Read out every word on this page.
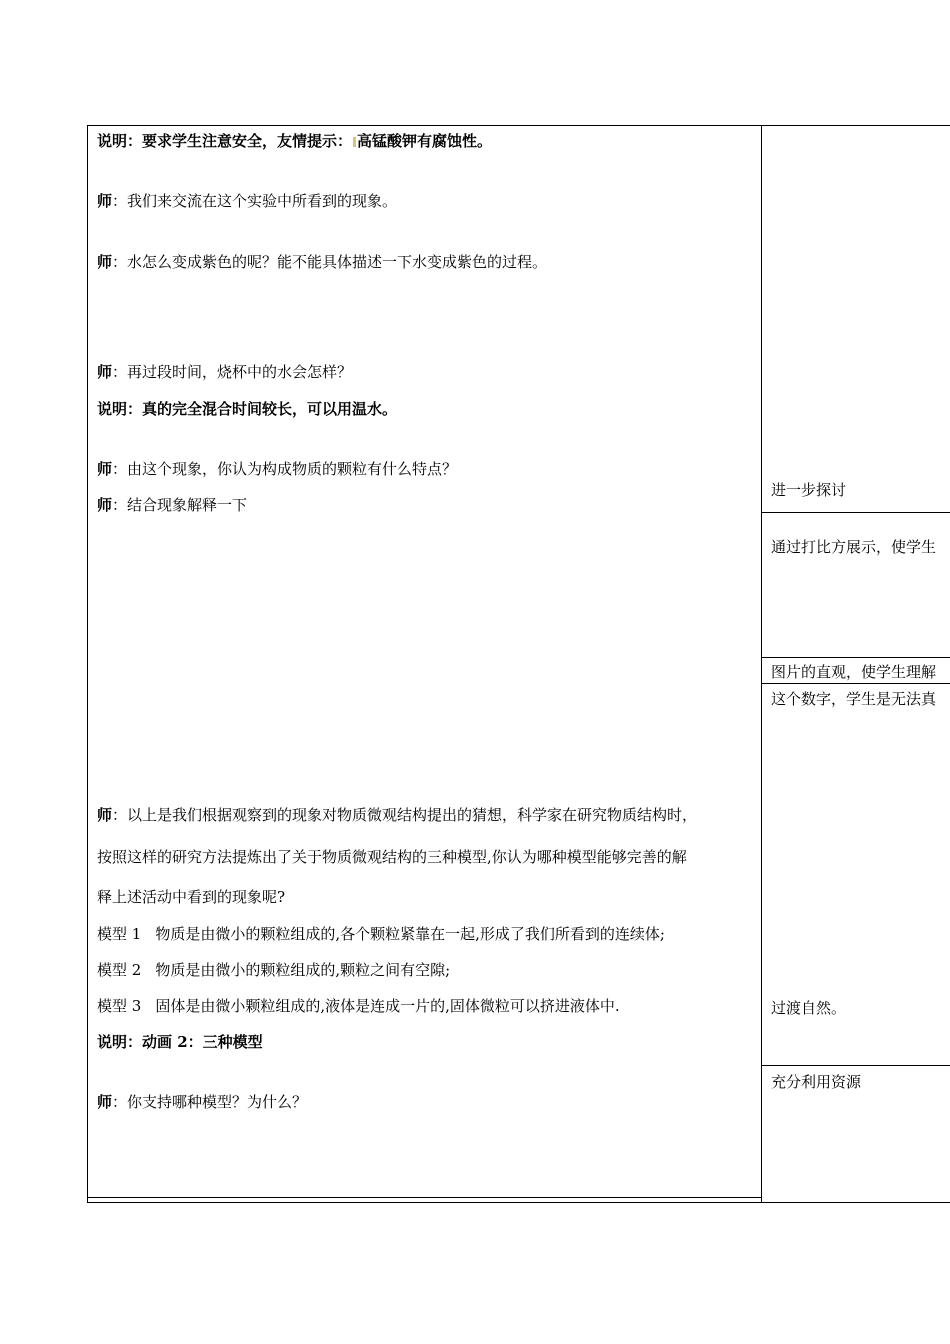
说明：要求学生注意安全，友情提示： 高锰酸钾有腐蚀性。
师：我们来交流在这个实验中所看到的现象。
师：水怎么变成紫色的呢？能不能具体描述一下水变成紫色的过程。
师：再过段时间，烧杯中的水会怎样？
说明：真的完全混合时间较长，可以用温水。
师：由这个现象，你认为构成物质的颗粒有什么特点？
师：结合现象解释一下
师：以上是我们根据观察到的现象对物质微观结构提出的猜想，科学家在研究物质结构时，
按照这样的研究方法提炼出了关于物质微观结构的三种模型,你认为哪种模型能够完善的解
释上述活动中看到的现象呢?
模型 1 物质是由微小的颗粒组成的,各个颗粒紧靠在一起,形成了我们所看到的连续体;
模型 2 物质是由微小的颗粒组成的,颗粒之间有空隙;
模型 3 固体是由微小颗粒组成的,液体是连成一片的,固体微粒可以挤进液体中.
说明：动画 2：三种模型
师：你支持哪种模型？为什么？
进一步探讨
通过打比方展示，使学生
图片的直观，使学生理解
这个数字，学生是无法真
过渡自然。
充分利用资源
